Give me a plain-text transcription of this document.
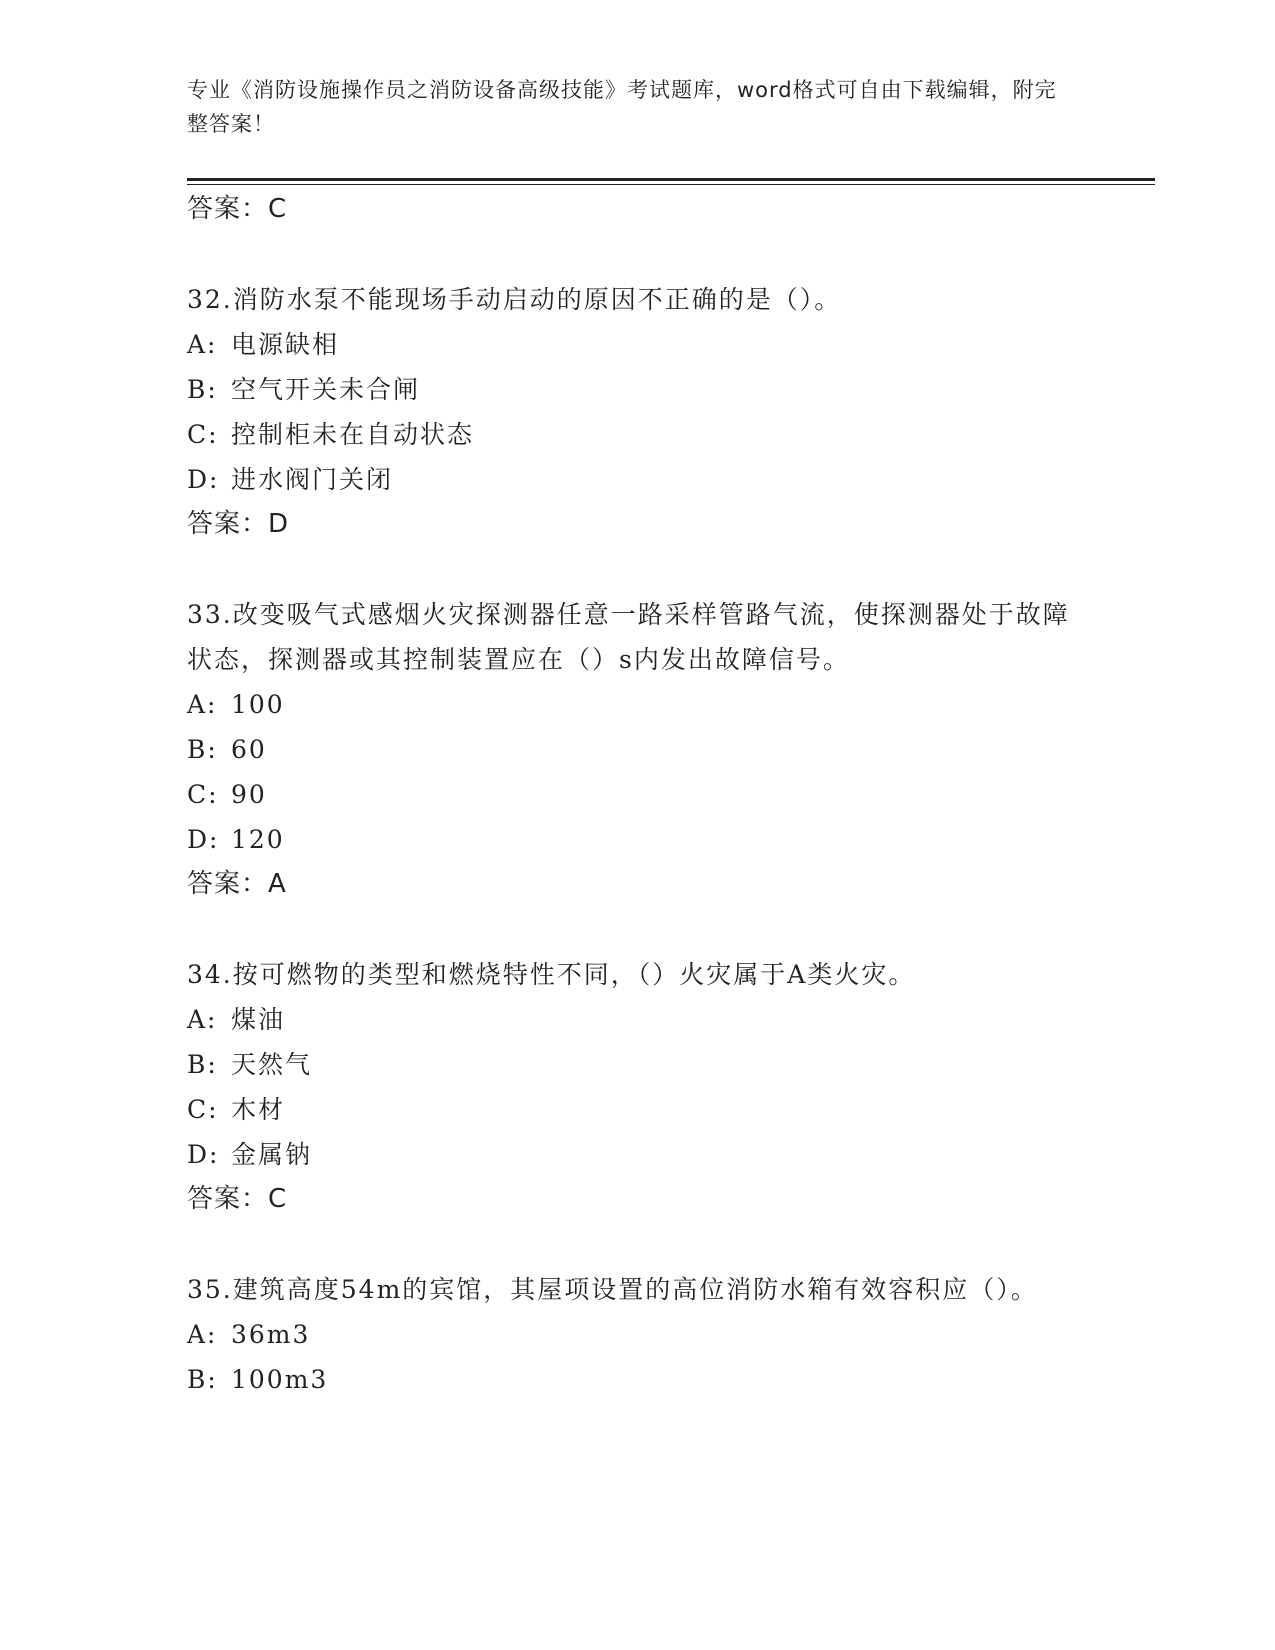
专业《消防设施操作员之消防设备高级技能》考试题库，word格式可自由下载编辑，附完整答案！
答案：C
32.消防水泵不能现场手动启动的原因不正确的是（）。
A: 电源缺相
B: 空气开关未合闸
C: 控制柜未在自动状态
D: 进水阀门关闭
答案：D
33.改变吸气式感烟火灾探测器任意一路采样管路气流，使探测器处于故障状态，探测器或其控制装置应在（）s内发出故障信号。
A: 100
B: 60
C: 90
D: 120
答案：A
34.按可燃物的类型和燃烧特性不同，（）火灾属于A类火灾。
A: 煤油
B: 天然气
C: 木材
D: 金属钠
答案：C
35.建筑高度54m的宾馆，其屋项设置的高位消防水箱有效容积应（）。
A: 36m3
B: 100m3
